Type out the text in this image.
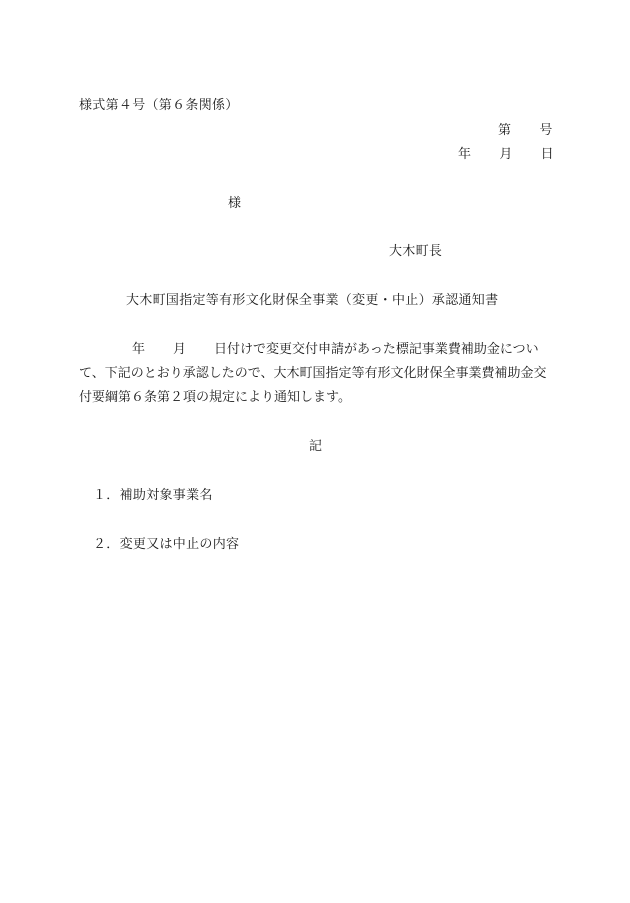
様式第４号（第６条関係）
第 号
年 月 日
様
大木町長
大木町国指定等有形文化財保全事業（変更・中止）承認通知書
年 月 日付けで変更交付申請があった標記事業費補助金について、下記のとおり承認したので、大木町国指定等有形文化財保全事業費補助金交付要綱第６条第２項の規定により通知します。
記
１．補助対象事業名
２．変更又は中止の内容
